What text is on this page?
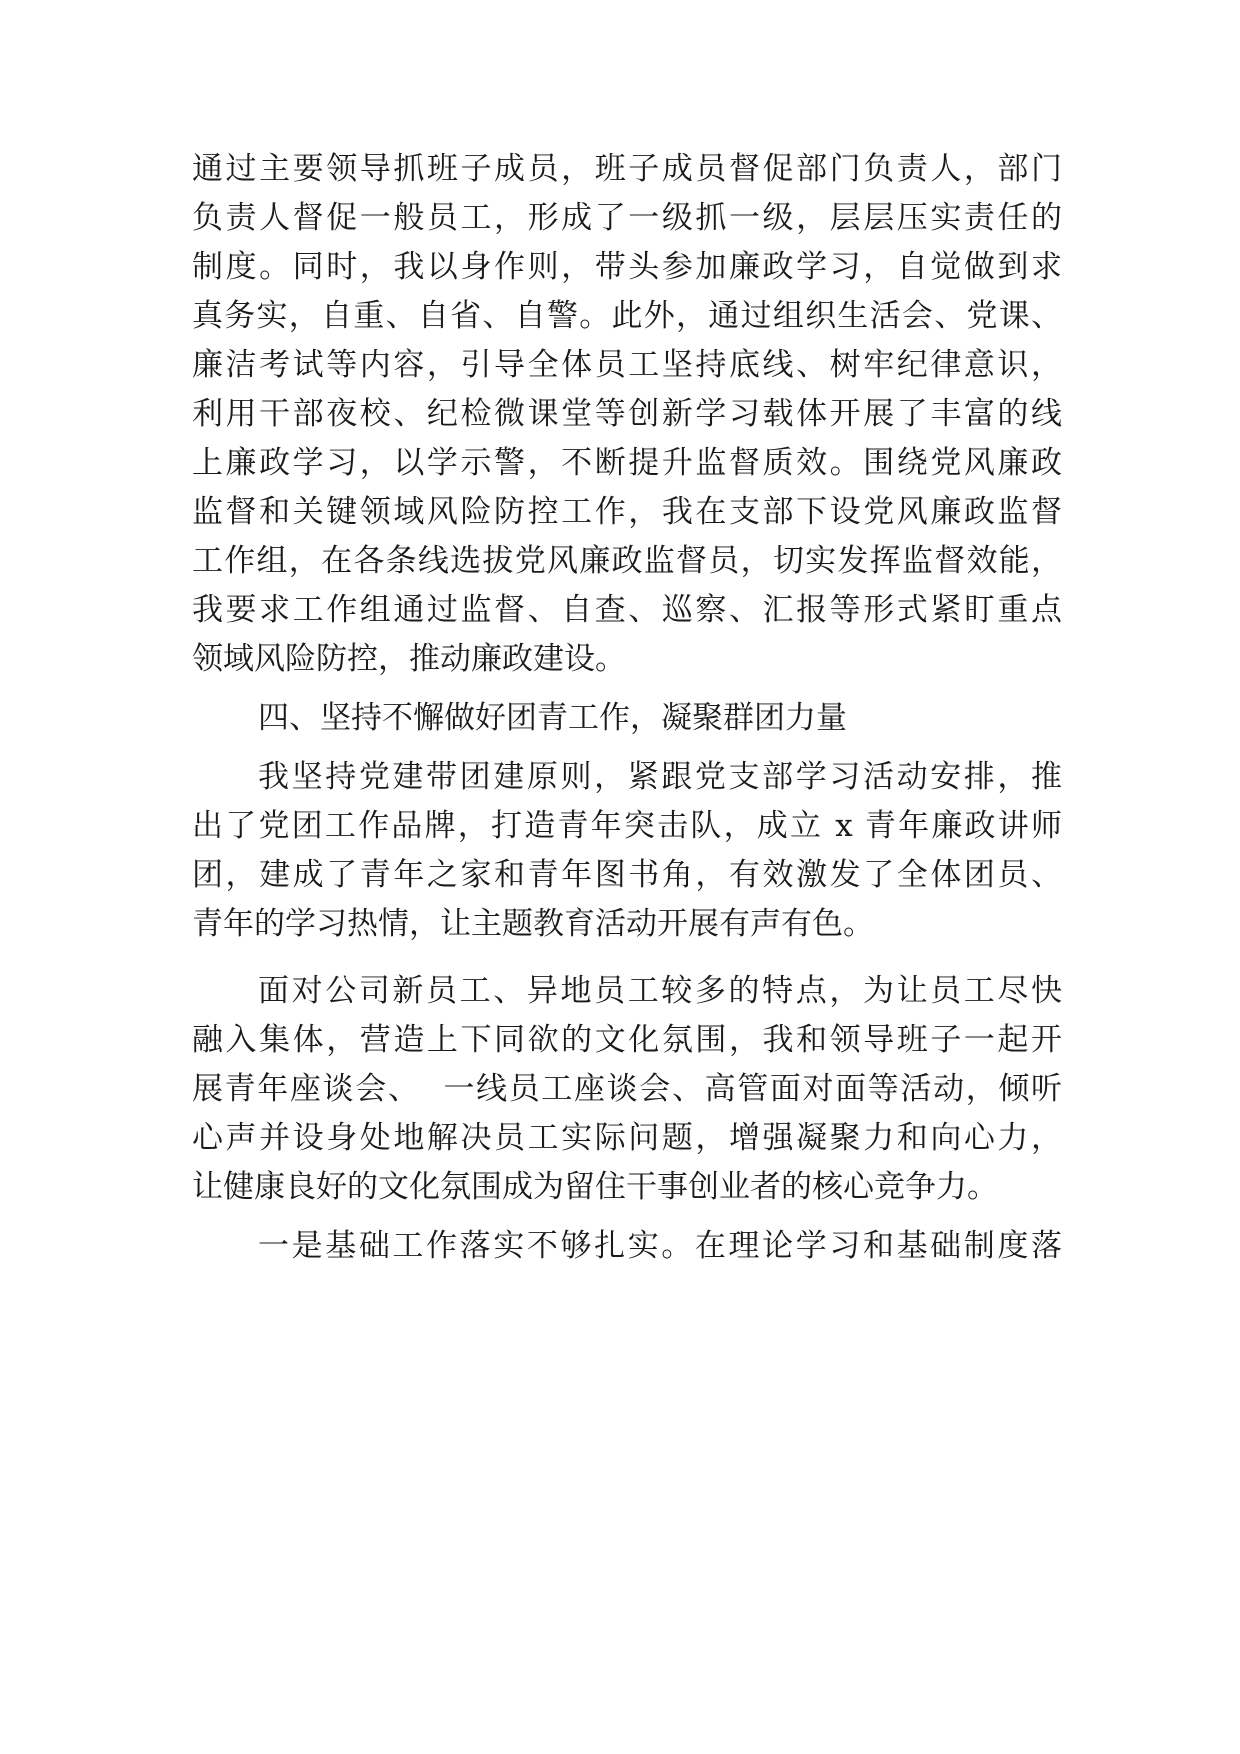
通过主要领导抓班子成员，班子成员督促部门负责人，部门
负责人督促一般员工，形成了一级抓一级，层层压实责任的
制度。同时，我以身作则，带头参加廉政学习，自觉做到求
真务实，自重、自省、自警。此外，通过组织生活会、党课、
廉洁考试等内容，引导全体员工坚持底线、树牢纪律意识，
利用干部夜校、纪检微课堂等创新学习载体开展了丰富的线
上廉政学习，以学示警，不断提升监督质效。围绕党风廉政
监督和关键领域风险防控工作，我在支部下设党风廉政监督
工作组，在各条线选拔党风廉政监督员，切实发挥监督效能，
我要求工作组通过监督、自查、巡察、汇报等形式紧盯重点
领域风险防控，推动廉政建设。
四、坚持不懈做好团青工作，凝聚群团力量
我坚持党建带团建原则，紧跟党支部学习活动安排，推
出了党团工作品牌，打造青年突击队，成立 x 青年廉政讲师
团，建成了青年之家和青年图书角，有效激发了全体团员、
青年的学习热情，让主题教育活动开展有声有色。
面对公司新员工、异地员工较多的特点，为让员工尽快
融入集体，营造上下同欲的文化氛围，我和领导班子一起开
展青年座谈会、  一线员工座谈会、高管面对面等活动，倾听
心声并设身处地解决员工实际问题，增强凝聚力和向心力，
让健康良好的文化氛围成为留住干事创业者的核心竞争力。
一是基础工作落实不够扎实。在理论学习和基础制度落
